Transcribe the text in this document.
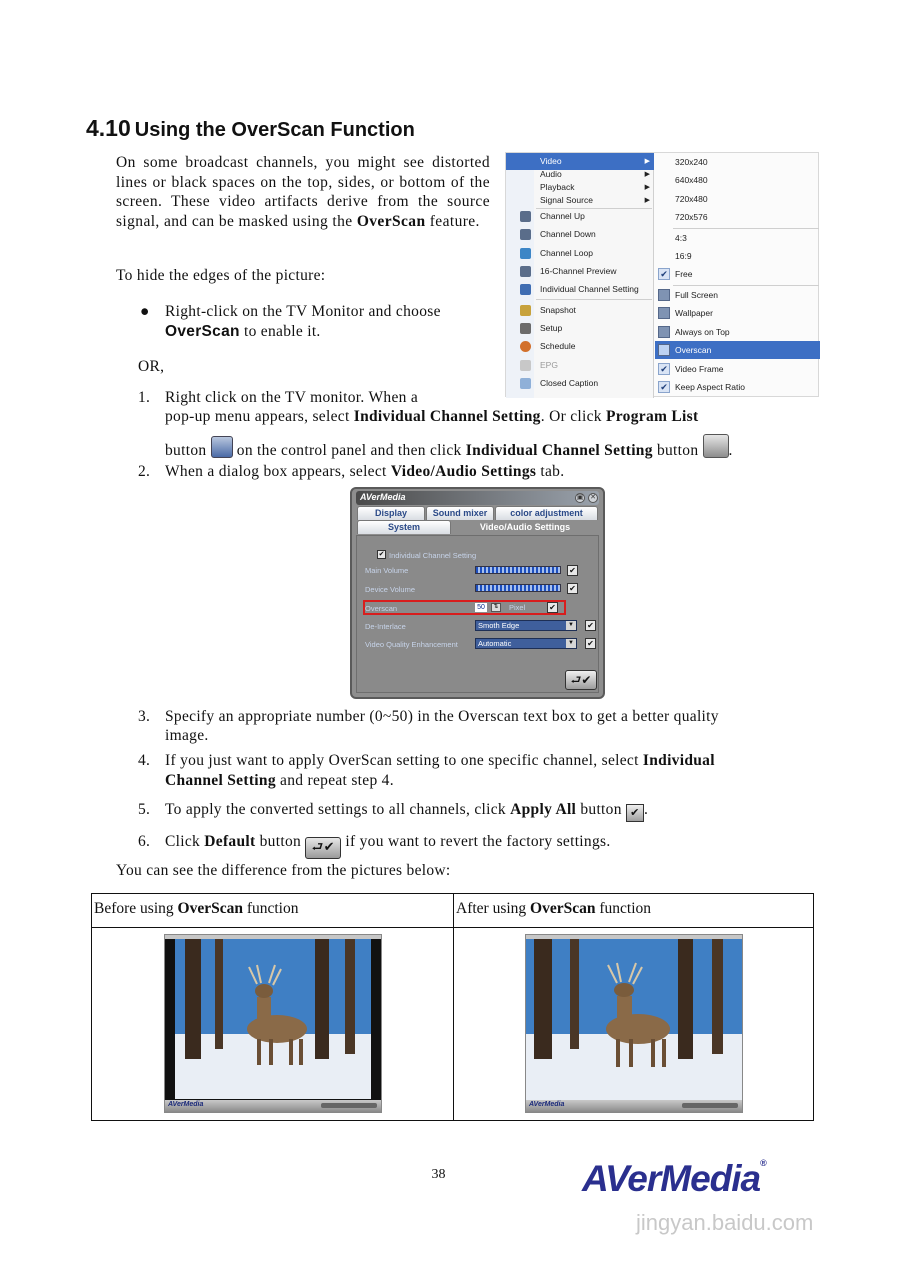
4.10 Using the OverScan Function
On some broadcast channels, you might see distorted lines or black spaces on the top, sides, or bottom of the screen. These video artifacts derive from the source signal, and can be masked using the OverScan feature.
To hide the edges of the picture:
● Right-click on the TV Monitor and choose OverScan to enable it.
OR,
Video	▶
Audio	▶
Playback	▶
Signal Source	▶
Channel Up
Channel Down
Channel Loop
16-Channel Preview
Individual Channel Setting
Snapshot
Setup
Schedule
EPG
Closed Caption
320x240
640x480
720x480
720x576
4:3
16:9
✔ Free
Full Screen
Wallpaper
Always on Top
Overscan
✔ Video Frame
✔ Keep Aspect Ratio
1. Right click on the TV monitor. When a
pop-up menu appears, select Individual Channel Setting. Or click Program List
button  on the control panel and then click Individual Channel Setting button .
2. When a dialog box appears, select Video/Audio Settings tab.
AVerMedia	▣ ✕
Display	Sound mixer	color adjustment
System	Video/Audio Settings
✔ Individual Channel Setting
Main Volume	✔
Device Volume	✔
Overscan	50	⇅	Pixel	✔
De-Interlace	Smoth Edge	▼ ✔
Video Quality Enhancement	Automatic	▼ ✔
⮐✔
3. Specify an appropriate number (0~50) in the Overscan text box to get a better quality
image.
4. If you just want to apply OverScan setting to one specific channel, select Individual
Channel Setting and repeat step 4.
5. To apply the converted settings to all channels, click Apply All button ✔ .
6. Click Default button ⮐✔ if you want to revert the factory settings.
You can see the difference from the pictures below:
Before using OverScan function	After using OverScan function
AVerMedia	AVerMedia
38	AVerMedia®
jingyan.baidu.com
